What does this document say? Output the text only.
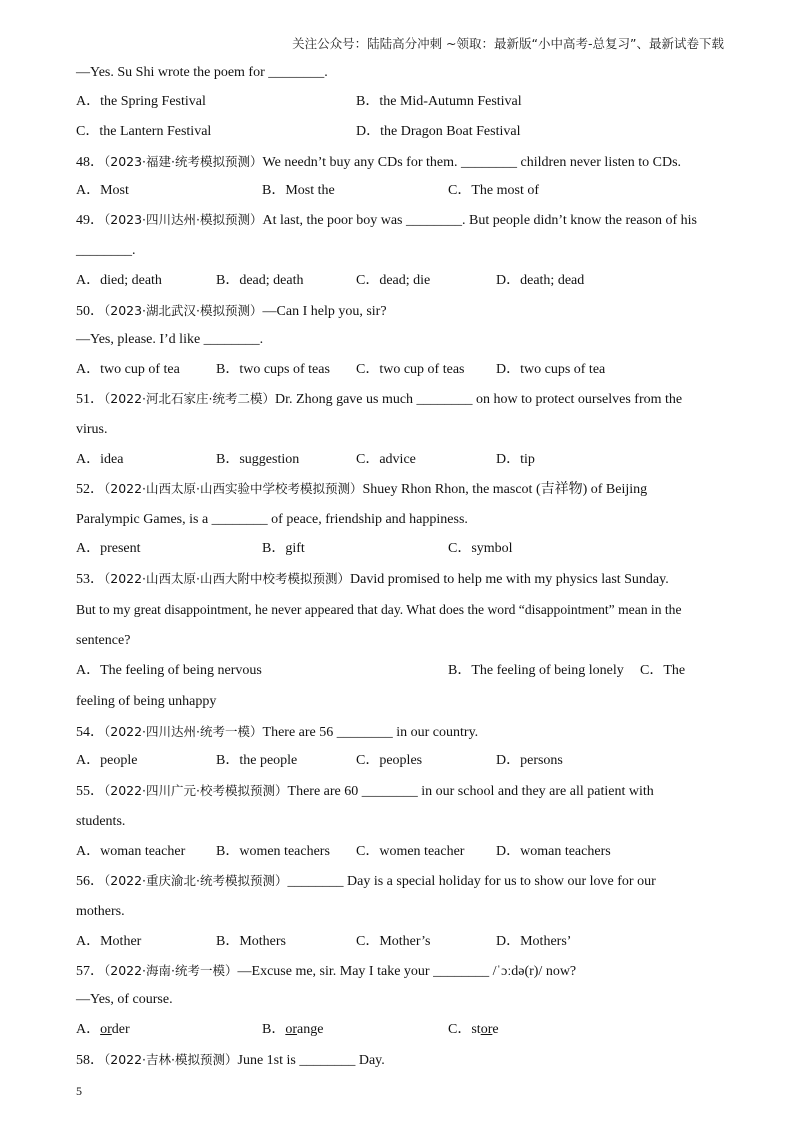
关注公众号：陆陆高分冲刺 ~领取：最新版“小中高考-总复习”、最新试卷下载
—Yes. Su Shi wrote the poem for ________.
A．the Spring Festival	B．the Mid-Autumn Festival
C．the Lantern Festival	D．the Dragon Boat Festival
48．（2023·福建·统考模拟预测）We needn’t buy any CDs for them. ________ children never listen to CDs.
A．Most	B．Most the	C．The most of
49．（2023·四川达州·模拟预测）At last, the poor boy was ________. But people didn’t know the reason of his
________.
A．died; death	B．dead; death	C．dead; die	D．death; dead
50．（2023·湖北武汉·模拟预测）—Can I help you, sir?
—Yes, please. I’d like ________.
A．two cup of tea	B．two cups of teas C．two cup of teas D．two cups of tea
51．（2022·河北石家庄·统考二模）Dr. Zhong gave us much ________ on how to protect ourselves from the
virus.
A．idea	B．suggestion	C．advice	D．tip
52．（2022·山西太原·山西实验中学校考模拟预测）Shuey Rhon Rhon, the mascot (吉祥物) of Beijing
Paralympic Games, is a ________ of peace, friendship and happiness.
A．present	B．gift	C．symbol
53．（2022·山西太原·山西大附中校考模拟预测）David promised to help me with my physics last Sunday.
But to my great disappointment, he never appeared that day. What does the word “disappointment” mean in the
sentence?
A．The feeling of being nervous	B．The feeling of being lonely C．The
feeling of being unhappy
54．（2022·四川达州·统考一模）There are 56 ________ in our country.
A．people	B．the people	C．peoples	D．persons
55．（2022·四川广元·校考模拟预测）There are 60 ________ in our school and they are all patient with
students.
A．woman teacher B．women teachers C．women teacher D．woman teachers
56．（2022·重庆渝北·统考模拟预测）________ Day is a special holiday for us to show our love for our
mothers.
A．Mother	B．Mothers	C．Mother’s	D．Mothers’
57．（2022·海南·统考一模）—Excuse me, sir. May I take your ________ /ˈɔːdə(r)/ now?
—Yes, of course.
A．order	B．orange	C．store
58．（2022·吉林·模拟预测）June 1st is ________ Day.
5
